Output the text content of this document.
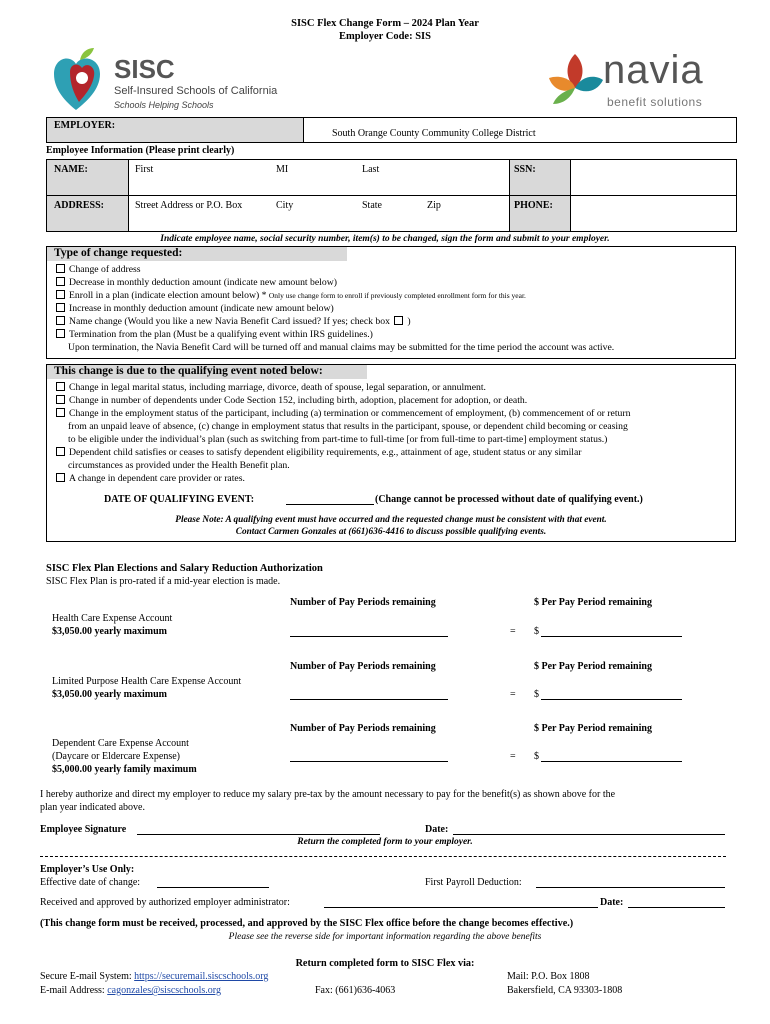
SISC Flex Change Form – 2024 Plan Year
Employer Code: SIS
SISC
Self-Insured Schools of California
Schools Helping Schools
navia
benefit solutions
EMPLOYER:
South Orange County Community College District
Employee Information (Please print clearly)
NAME:	First	MI	Last	SSN:
ADDRESS:	Street Address or P.O. Box	City	State	Zip	PHONE:
Indicate employee name, social security number, item(s) to be changed, sign the form and submit to your employer.
Type of change requested:
Change of address
Decrease in monthly deduction amount (indicate new amount below)
Enroll in a plan (indicate election amount below) * Only use change form to enroll if previously completed enrollment form for this year.
Increase in monthly deduction amount (indicate new amount below)
Name change (Would you like a new Navia Benefit Card issued? If yes; check box )
Termination from the plan (Must be a qualifying event within IRS guidelines.)
Upon termination, the Navia Benefit Card will be turned off and manual claims may be submitted for the time period the account was active.
This change is due to the qualifying event noted below:
Change in legal marital status, including marriage, divorce, death of spouse, legal separation, or annulment.
Change in number of dependents under Code Section 152, including birth, adoption, placement for adoption, or death.
Change in the employment status of the participant, including (a) termination or commencement of employment, (b) commencement of or return
from an unpaid leave of absence, (c) change in employment status that results in the participant, spouse, or dependent child becoming or ceasing
to be eligible under the individual’s plan (such as switching from part-time to full-time [or from full-time to part-time] employment status.)
Dependent child satisfies or ceases to satisfy dependent eligibility requirements, e.g., attainment of age, student status or any similar
circumstances as provided under the Health Benefit plan.
A change in dependent care provider or rates.
DATE OF QUALIFYING EVENT:	(Change cannot be processed without date of qualifying event.)
Please Note: A qualifying event must have occurred and the requested change must be consistent with that event.
Contact Carmen Gonzales at (661)636-4416 to discuss possible qualifying events.
SISC Flex Plan Elections and Salary Reduction Authorization
SISC Flex Plan is pro-rated if a mid-year election is made.
Number of Pay Periods remaining	$ Per Pay Period remaining
Health Care Expense Account
$3,050.00 yearly maximum	= $
Number of Pay Periods remaining	$ Per Pay Period remaining
Limited Purpose Health Care Expense Account
$3,050.00 yearly maximum	= $
Number of Pay Periods remaining	$ Per Pay Period remaining
Dependent Care Expense Account
(Daycare or Eldercare Expense)
$5,000.00 yearly family maximum
= $
I hereby authorize and direct my employer to reduce my salary pre-tax by the amount necessary to pay for the benefit(s) as shown above for the
plan year indicated above.
Employee Signature	Date:
Return the completed form to your employer.
Employer’s Use Only:
Effective date of change:	First Payroll Deduction:
Received and approved by authorized employer administrator:	Date:
(This change form must be received, processed, and approved by the SISC Flex office before the change becomes effective.)
Please see the reverse side for important information regarding the above benefits
Return completed form to SISC Flex via:
Secure E-mail System: https://securemail.siscschools.org
E-mail Address: cagonzales@siscschools.org	Fax: (661)636-4063
Mail: P.O. Box 1808
Bakersfield, CA 93303-1808
